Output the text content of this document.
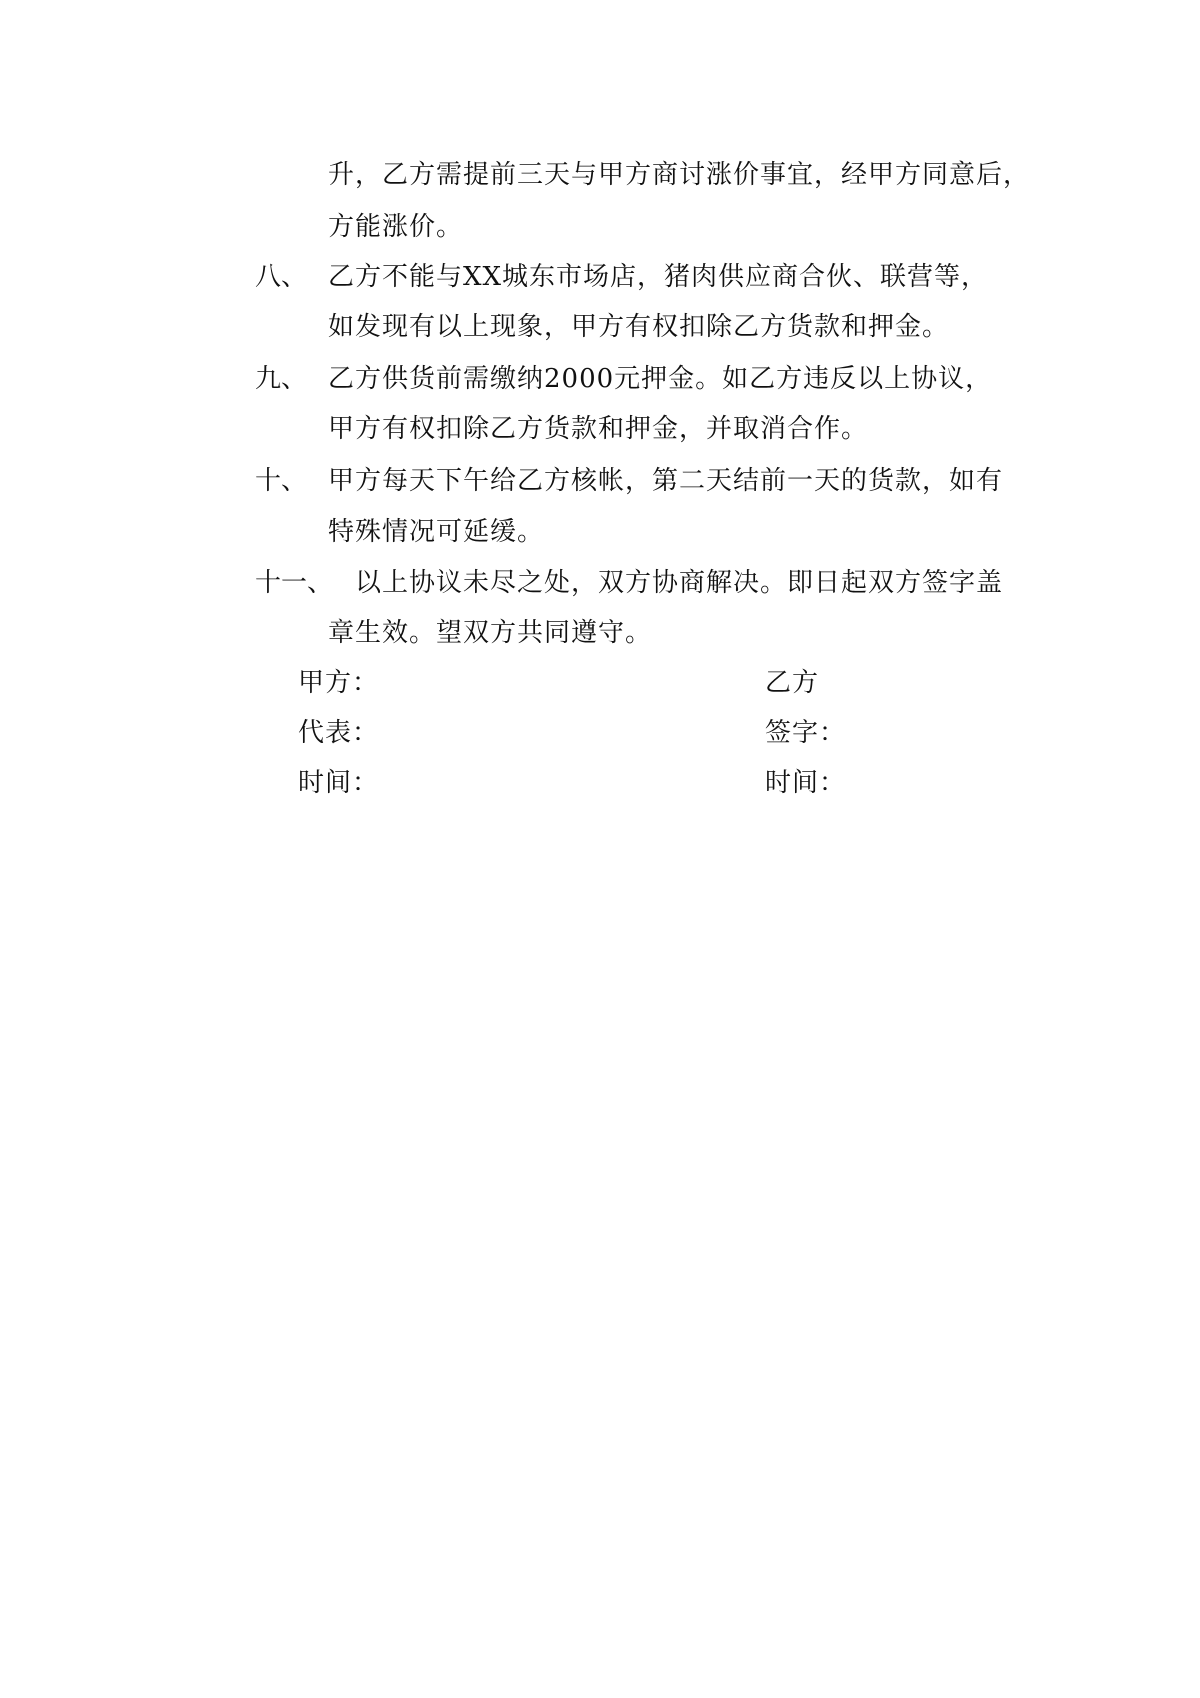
升，乙方需提前三天与甲方商讨涨价事宜，经甲方同意后，
方能涨价。
八、 乙方不能与XX城东市场店，猪肉供应商合伙、联营等，
如发现有以上现象，甲方有权扣除乙方货款和押金。
九、 乙方供货前需缴纳2000元押金。如乙方违反以上协议，
甲方有权扣除乙方货款和押金，并取消合作。
十、 甲方每天下午给乙方核帐，第二天结前一天的货款，如有
特殊情况可延缓。
十一、 以上协议未尽之处，双方协商解决。即日起双方签字盖
章生效。望双方共同遵守。
甲方：
代表：
时间：
乙方
签字：
时间：
